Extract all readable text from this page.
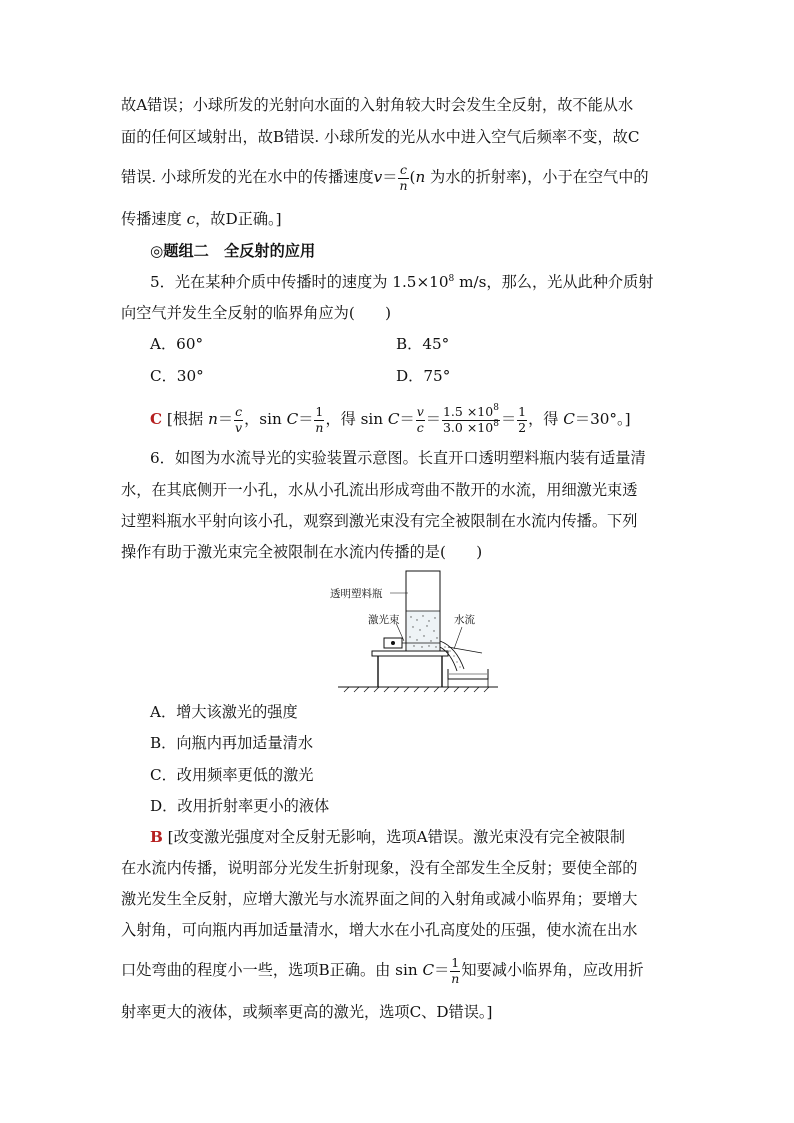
故A错误；小球所发的光射向水面的入射角较大时会发生全反射，故不能从水
面的任何区域射出，故B错误. 小球所发的光从水中进入空气后频率不变，故C
错误. 小球所发的光在水中的传播速度$v= \frac{c}{n} (n$ 为水的折射率)，小于在空气中的
传播速度 c，故D正确。]
◎题组二　全反射的应用
5．光在某种介质中传播时的速度为 $1.5\times 10^8$ m/s，那么，光从此种介质射
向空气并发生全反射的临界角应为(　　)
A．60°	B．45°
C．30°	D．75°
C [根据 $n= \frac{c}{v}$ ，$\sin C= \frac{1}{n}$ ，得 $\sin C= \frac{v}{c} = \frac{1.5 \times 10^8}{3.0 \times 10^8} = \frac{1}{2}$ ，得 C＝30°。]
6．如图为水流导光的实验装置示意图。长直开口透明塑料瓶内装有适量清
水，在其底侧开一小孔，水从小孔流出形成弯曲不散开的水流，用细激光束透
过塑料瓶水平射向该小孔，观察到激光束没有完全被限制在水流内传播。下列
操作有助于激光束完全被限制在水流内传播的是(　　)
透明塑料瓶
激光束	水流
A．增大该激光的强度
B．向瓶内再加适量清水
C．改用频率更低的激光
D．改用折射率更小的液体
B [改变激光强度对全反射无影响，选项A错误。激光束没有完全被限制
在水流内传播，说明部分光发生折射现象，没有全部发生全反射；要使全部的
激光发生全反射，应增大激光与水流界面之间的入射角或减小临界角；要增大
入射角，可向瓶内再加适量清水，增大水在小孔高度处的压强，使水流在出水
口处弯曲的程度小一些，选项B正确。由 $\sin C= \frac{1}{n}$ 知要减小临界角，应改用折
射率更大的液体，或频率更高的激光，选项C、D错误。]
